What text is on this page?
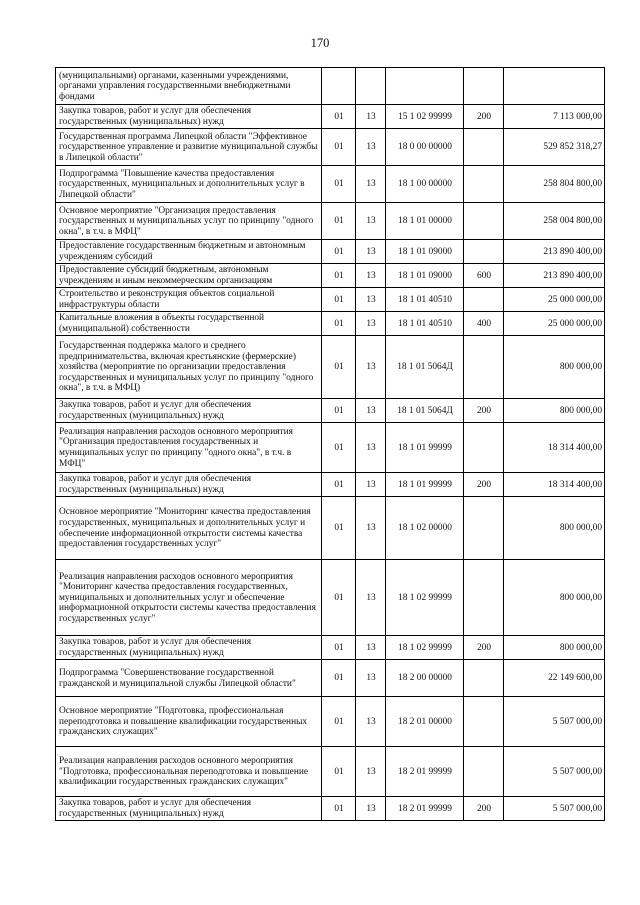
170
(муниципальными) органами, казенными учреждениями, органами управления государственными внебюджетными фондами					
Закупка товаров, работ и услуг для обеспечения государственных (муниципальных) нужд	01	13	15 1 02 99999	200	7 113 000,00
Государственная программа Липецкой области "Эффективное государственное управление и развитие муниципальной службы в Липецкой области"	01	13	18 0 00 00000		529 852 318,27
Подпрограмма "Повышение качества предоставления государственных, муниципальных и дополнительных услуг в Липецкой области"	01	13	18 1 00 00000		258 804 800,00
Основное мероприятие "Организация предоставления государственных и муниципальных услуг по принципу "одного окна", в т.ч. в МФЦ"	01	13	18 1 01 00000		258 004 800,00
Предоставление государственным бюджетным и автономным учреждениям субсидий	01	13	18 1 01 09000		213 890 400,00
Предоставление субсидий бюджетным, автономным учреждениям и иным некоммерческим организациям	01	13	18 1 01 09000	600	213 890 400,00
Строительство и реконструкция объектов социальной инфраструктуры области	01	13	18 1 01 40510		25 000 000,00
Капитальные вложения в объекты государственной (муниципальной) собственности	01	13	18 1 01 40510	400	25 000 000,00
Государственная поддержка малого и среднего предпринимательства, включая крестьянские (фермерские) хозяйства (мероприятие по организации предоставления государственных и муниципальных услуг по принципу "одного окна", в т.ч. в МФЦ)	01	13	18 1 01 5064Д		800 000,00
Закупка товаров, работ и услуг для обеспечения государственных (муниципальных) нужд	01	13	18 1 01 5064Д	200	800 000,00
Реализация направления расходов основного мероприятия "Организация предоставления государственных и муниципальных услуг по принципу "одного окна", в т.ч. в МФЦ"	01	13	18 1 01 99999		18 314 400,00
Закупка товаров, работ и услуг для обеспечения государственных (муниципальных) нужд	01	13	18 1 01 99999	200	18 314 400,00
Основное мероприятие "Мониторинг качества предоставления государственных, муниципальных и дополнительных услуг и обеспечение информационной открытости системы качества предоставления государственных услуг"	01	13	18 1 02 00000		800 000,00
Реализация направления расходов основного мероприятия "Мониторинг качества предоставления государственных, муниципальных и дополнительных услуг и обеспечение информационной открытости системы качества предоставления государственных услуг"	01	13	18 1 02 99999		800 000,00
Закупка товаров, работ и услуг для обеспечения государственных (муниципальных) нужд	01	13	18 1 02 99999	200	800 000,00
Подпрограмма "Совершенствование государственной гражданской и муниципальной службы Липецкой области"	01	13	18 2 00 00000		22 149 600,00
Основное мероприятие "Подготовка, профессиональная переподготовка и повышение квалификации государственных гражданских служащих"	01	13	18 2 01 00000		5 507 000,00
Реализация направления расходов основного мероприятия "Подготовка, профессиональная переподготовка и повышение квалификации государственных гражданских служащих"	01	13	18 2 01 99999		5 507 000,00
Закупка товаров, работ и услуг для обеспечения государственных (муниципальных) нужд	01	13	18 2 01 99999	200	5 507 000,00
